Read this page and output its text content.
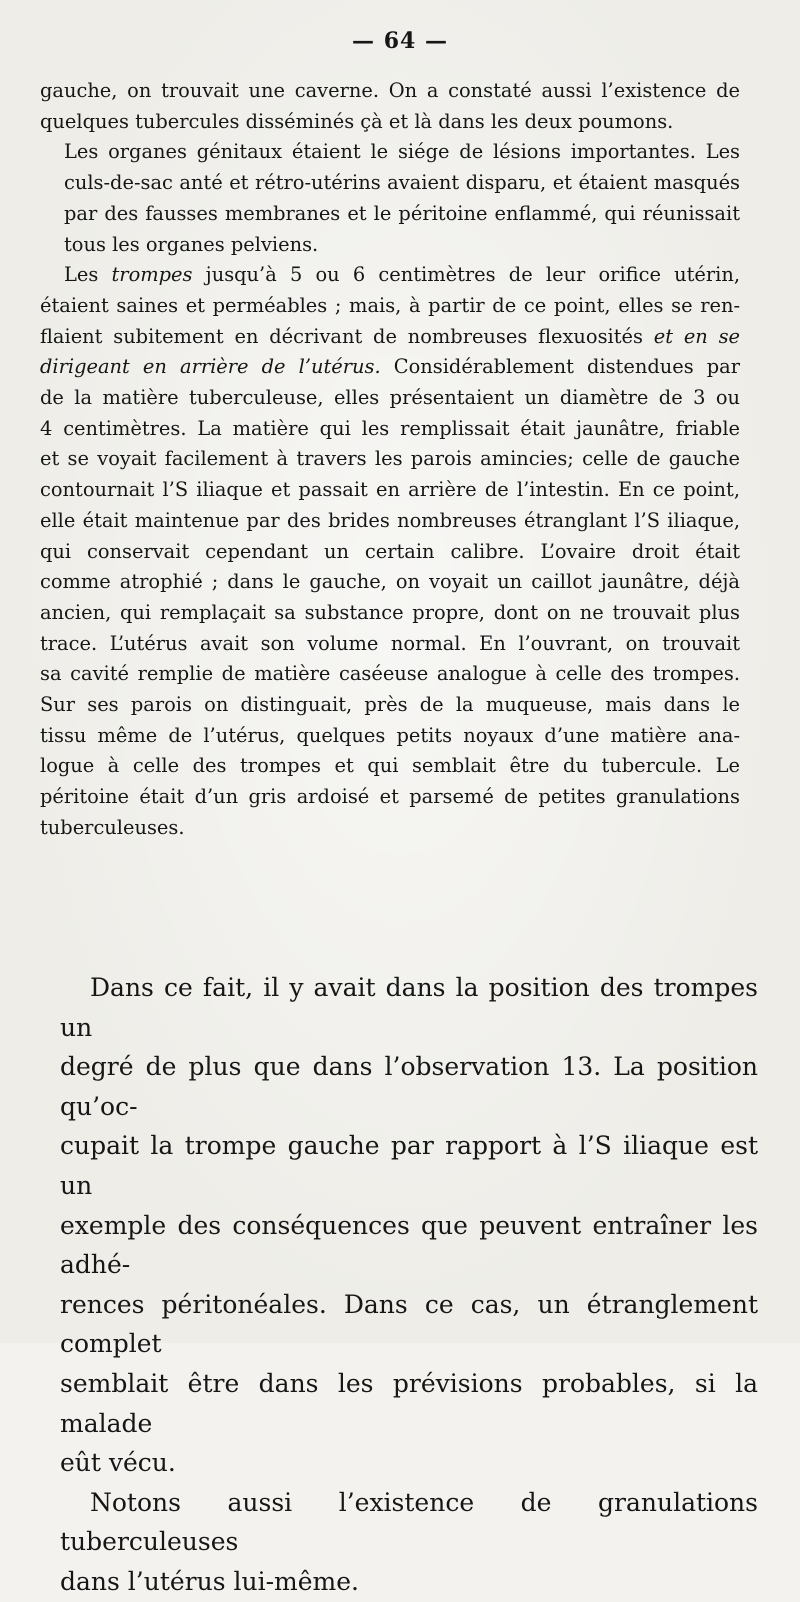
— 64 —

gauche, on trouvait une caverne. On a constaté aussi l’existence de
quelques tubercules disséminés çà et là dans les deux poumons.

Les organes génitaux étaient le siége de lésions importantes. Les
culs-de-sac anté et rétro-utérins avaient disparu, et étaient masqués
par des fausses membranes et le péritoine enflammé, qui réunissait
tous les organes pelviens.

Les trompes jusqu’à 5 ou 6 centimètres de leur orifice utérin,
étaient saines et perméables ; mais, à partir de ce point, elles se ren-
flaient subitement en décrivant de nombreuses flexuosités et en se
dirigeant en arrière de l’utérus. Considérablement distendues par
de la matière tuberculeuse, elles présentaient un diamètre de 3 ou
4 centimètres. La matière qui les remplissait était jaunâtre, friable
et se voyait facilement à travers les parois amincies; celle de gauche
contournait l’S iliaque et passait en arrière de l’intestin. En ce point,
elle était maintenue par des brides nombreuses étranglant l’S iliaque,
qui conservait cependant un certain calibre. L’ovaire droit était
comme atrophié ; dans le gauche, on voyait un caillot jaunâtre, déjà
ancien, qui remplaçait sa substance propre, dont on ne trouvait plus
trace. L’utérus avait son volume normal. En l’ouvrant, on trouvait
sa cavité remplie de matière caséeuse analogue à celle des trompes.
Sur ses parois on distinguait, près de la muqueuse, mais dans le
tissu même de l’utérus, quelques petits noyaux d’une matière ana-
logue à celle des trompes et qui semblait être du tubercule. Le
péritoine était d’un gris ardoisé et parsemé de petites granulations
tuberculeuses.

Dans ce fait, il y avait dans la position des trompes un
degré de plus que dans l’observation 13. La position qu’oc-
cupait la trompe gauche par rapport à l’S iliaque est un
exemple des conséquences que peuvent entraîner les adhé-
rences péritonéales. Dans ce cas, un étranglement complet
semblait être dans les prévisions probables, si la malade
eût vécu.

Notons aussi l’existence de granulations tuberculeuses
dans l’utérus lui-même.
